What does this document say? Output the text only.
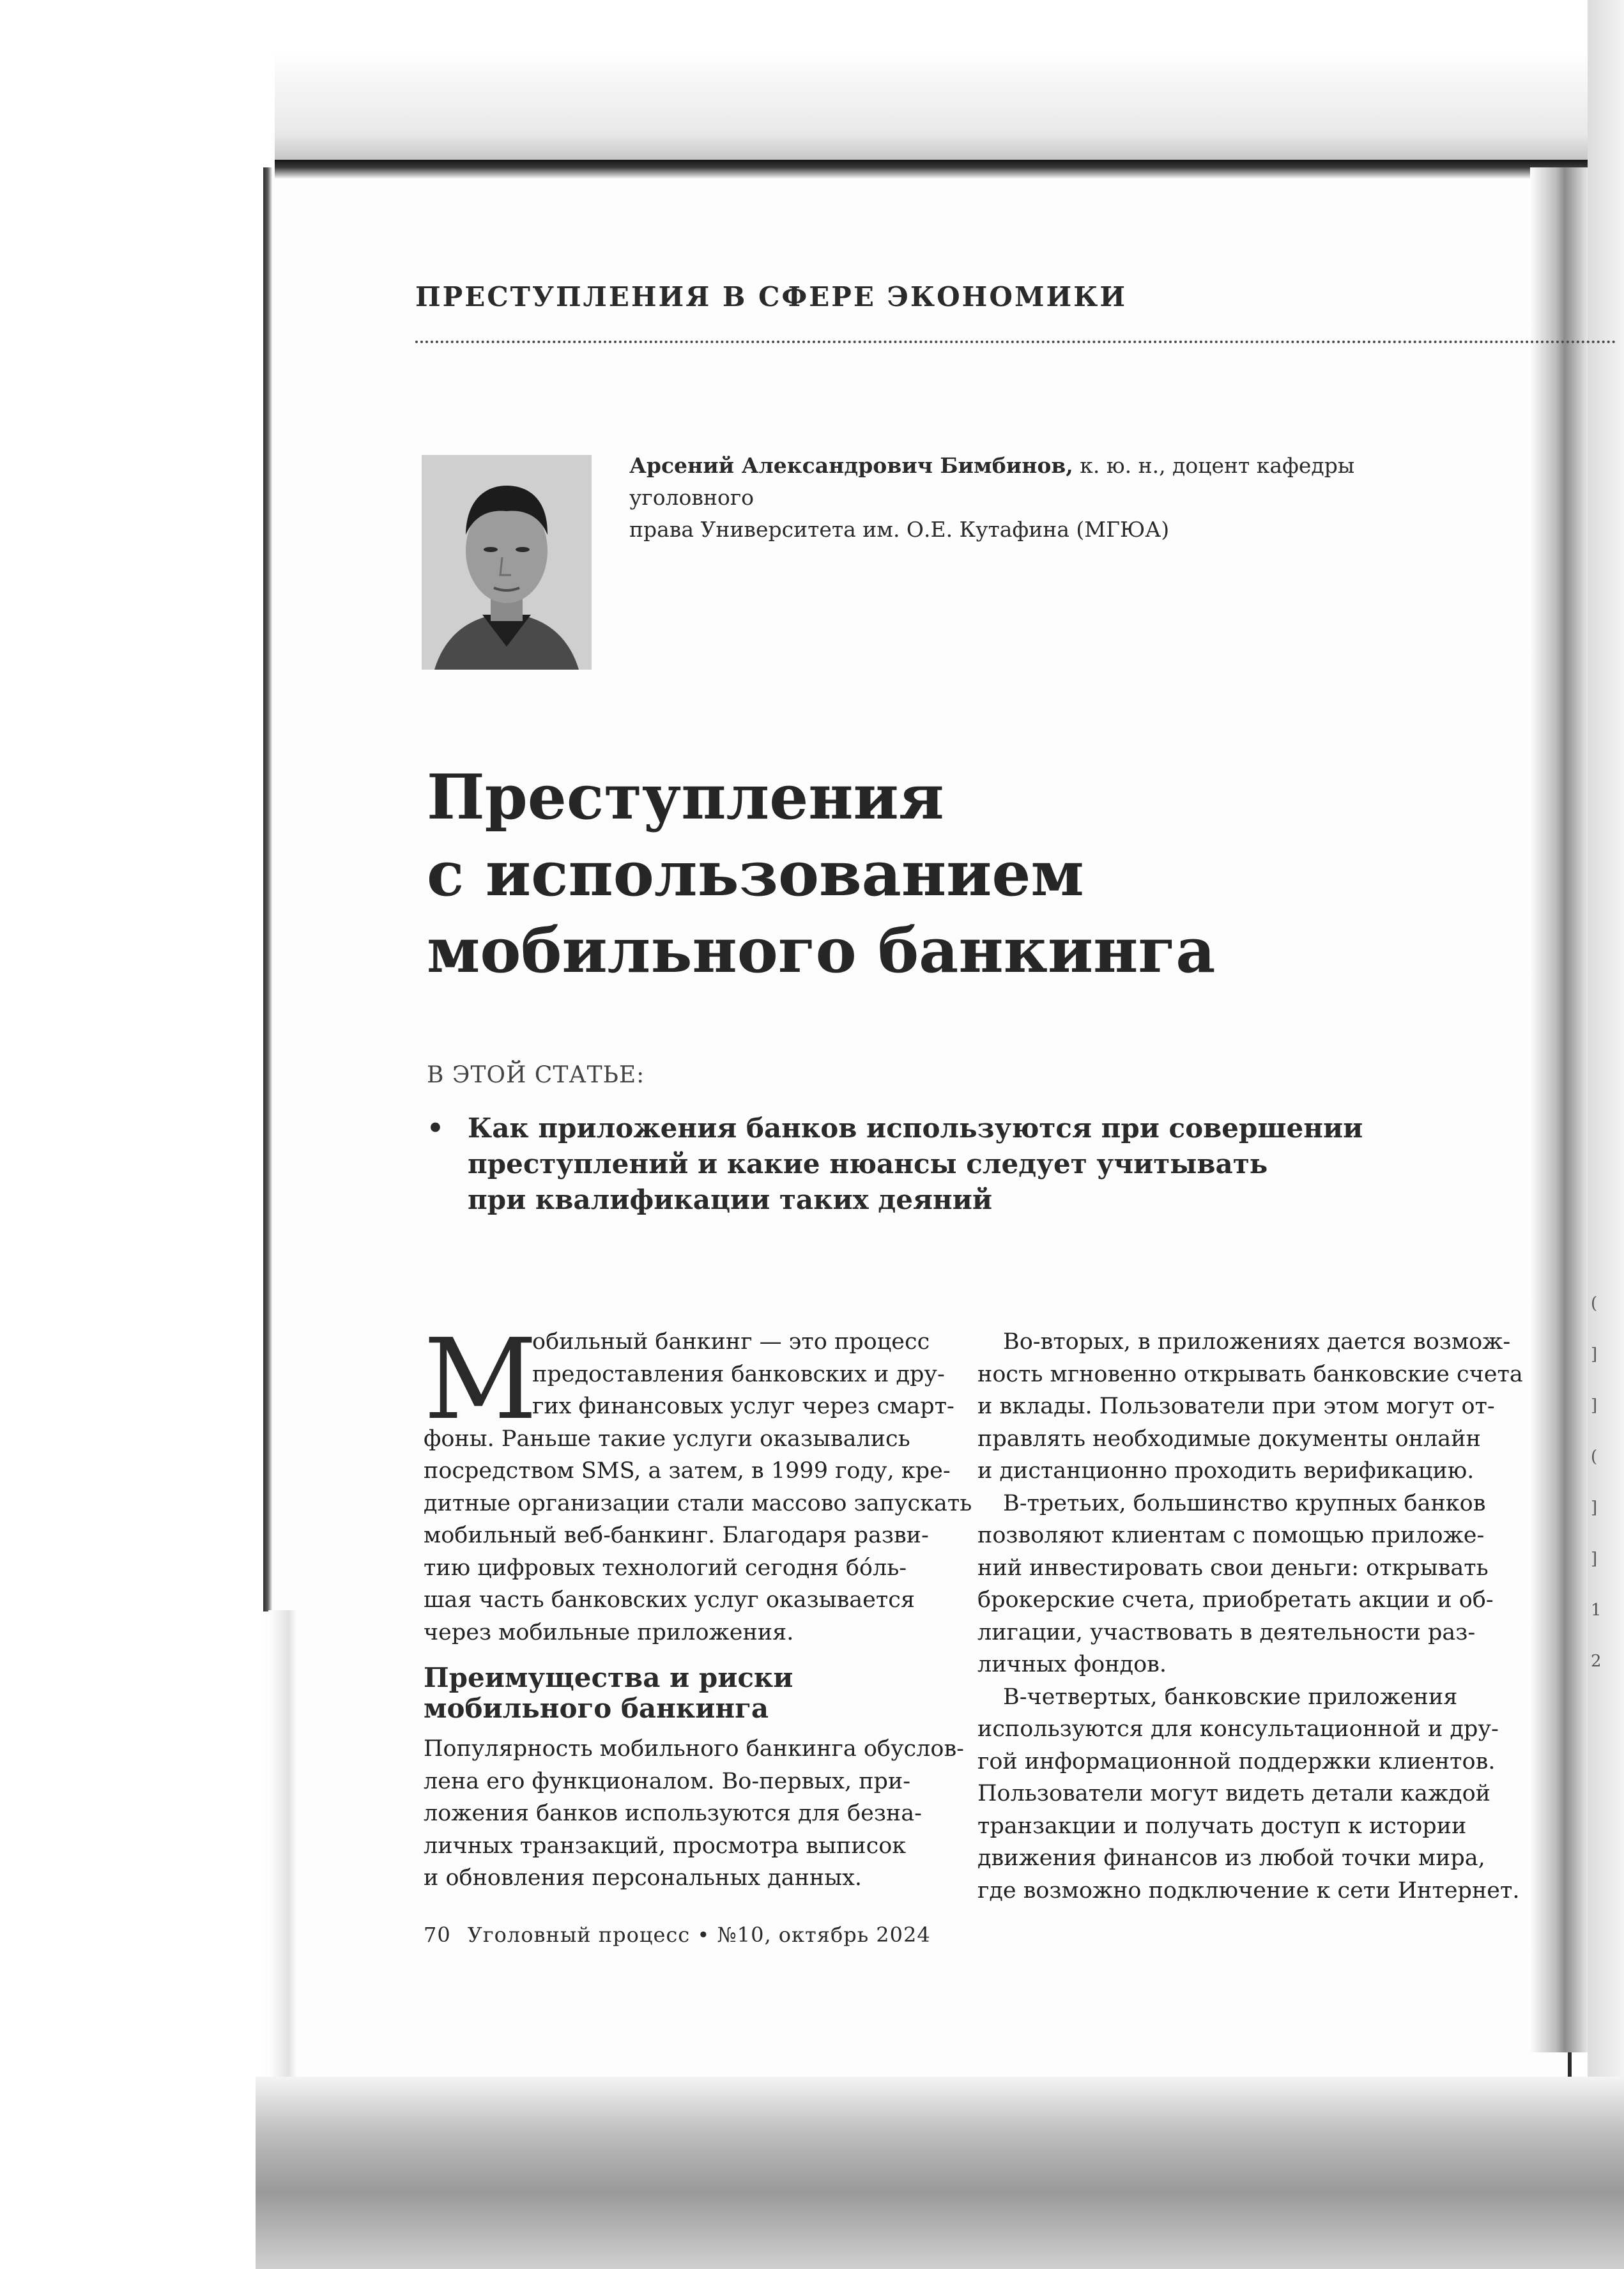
ПРЕСТУПЛЕНИЯ В СФЕРЕ ЭКОНОМИКИ
Арсений Александрович Бимбинов, к. ю. н., доцент кафедры уголовного
права Университета им. О.Е. Кутафина (МГЮА)
Преступления
с использованием
мобильного банкинга
В ЭТОЙ СТАТЬЕ:
• Как приложения банков используются при совершении
преступлений и какие нюансы следует учитывать
при квалификации таких деяний
М

обильный банкинг — это процесс
предоставления банковских и дру-
гих финансовых услуг через смарт-
фоны. Раньше такие услуги оказывались
посредством SMS, а затем, в 1999 году, кре-
дитные организации стали массово запускать
мобильный веб-банкинг. Благодаря разви-
тию цифровых технологий сегодня бо́ль-
шая часть банковских услуг оказывается
через мобильные приложения.

Преимущества и риски
мобильного банкинга

Популярность мобильного банкинга обуслов-
лена его функционалом. Во-первых, при-
ложения банков используются для безна-
личных транзакций, просмотра выписок
и обновления персональных данных.

Во-вторых, в приложениях дается возмож-
ность мгновенно открывать банковские счета
и вклады. Пользователи при этом могут от-
правлять необходимые документы онлайн
и дистанционно проходить верификацию.

В-третьих, большинство крупных банков
позволяют клиентам с помощью приложе-
ний инвестировать свои деньги: открывать
брокерские счета, приобретать акции и об-
лигации, участвовать в деятельности раз-
личных фондов.

В-четвертых, банковские приложения
используются для консультационной и дру-
гой информационной поддержки клиентов.
Пользователи могут видеть детали каждой
транзакции и получать доступ к истории
движения финансов из любой точки мира,
где возможно подключение к сети Интернет.

70 Уголовный процесс • №10, октябрь 2024
(
]
]
(
]
]
1
2
